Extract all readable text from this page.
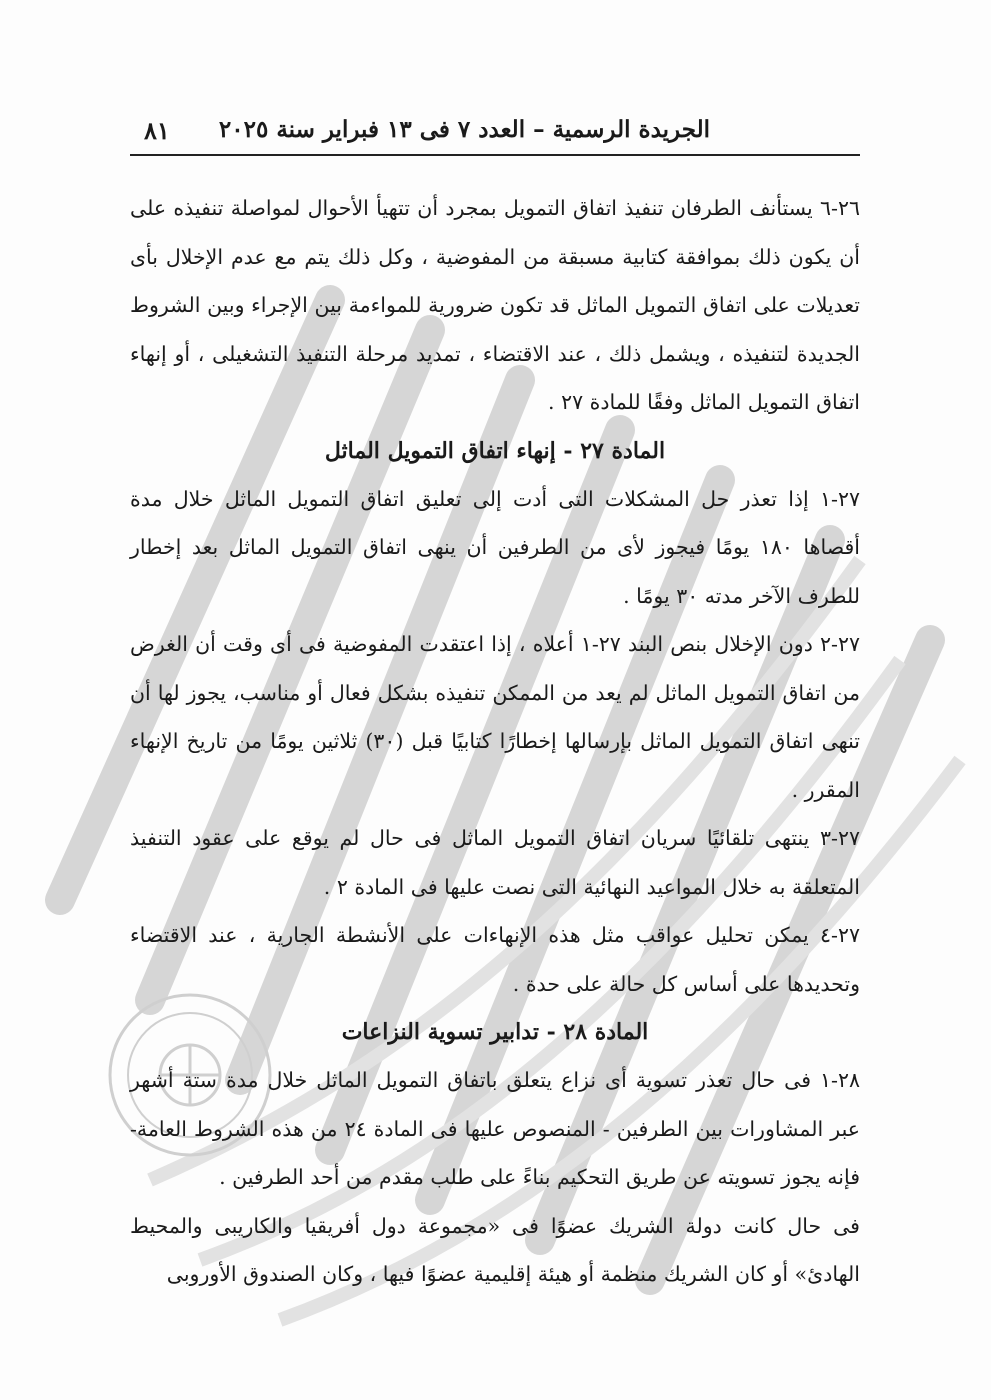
الجريدة الرسمية – العدد ٧ فى ١٣ فبراير سنة ٢٠٢٥
٨١

٢٦-٦ يستأنف الطرفان تنفيذ اتفاق التمويل بمجرد أن تتهيأ الأحوال لمواصلة تنفيذه على أن يكون ذلك بموافقة كتابية مسبقة من المفوضية ، وكل ذلك يتم مع عدم الإخلال بأى تعديلات على اتفاق التمويل الماثل قد تكون ضرورية للمواءمة بين الإجراء وبين الشروط الجديدة لتنفيذه ، ويشمل ذلك ، عند الاقتضاء ، تمديد مرحلة التنفيذ التشغيلى ، أو إنهاء اتفاق التمويل الماثل وفقًا للمادة ٢٧ .

المادة ٢٧ - إنهاء اتفاق التمويل الماثل

٢٧-١ إذا تعذر حل المشكلات التى أدت إلى تعليق اتفاق التمويل الماثل خلال مدة أقصاها ١٨٠ يومًا فيجوز لأى من الطرفين أن ينهى اتفاق التمويل الماثل بعد إخطار للطرف الآخر مدته ٣٠ يومًا .

٢٧-٢ دون الإخلال بنص البند ٢٧-١ أعلاه ، إذا اعتقدت المفوضية فى أى وقت أن الغرض من اتفاق التمويل الماثل لم يعد من الممكن تنفيذه بشكل فعال أو مناسب، يجوز لها أن تنهى اتفاق التمويل الماثل بإرسالها إخطارًا كتابيًا قبل (٣٠) ثلاثين يومًا من تاريخ الإنهاء المقرر .

٢٧-٣ ينتهى تلقائيًا سريان اتفاق التمويل الماثل فى حال لم يوقع على عقود التنفيذ المتعلقة به خلال المواعيد النهائية التى نصت عليها فى المادة ٢ .

٢٧-٤ يمكن تحليل عواقب مثل هذه الإنهاءات على الأنشطة الجارية ، عند الاقتضاء وتحديدها على أساس كل حالة على حدة .

المادة ٢٨ - تدابير تسوية النزاعات

٢٨-١ فى حال تعذر تسوية أى نزاع يتعلق باتفاق التمويل الماثل خلال مدة ستة أشهر عبر المشاورات بين الطرفين - المنصوص عليها فى المادة ٢٤ من هذه الشروط العامة- فإنه يجوز تسويته عن طريق التحكيم بناءً على طلب مقدم من أحد الطرفين .

فى حال كانت دولة الشريك عضوًا فى «مجموعة دول أفريقيا والكاريبى والمحيط الهادئ» أو كان الشريك منظمة أو هيئة إقليمية عضوًا فيها ، وكان الصندوق الأوروبى
